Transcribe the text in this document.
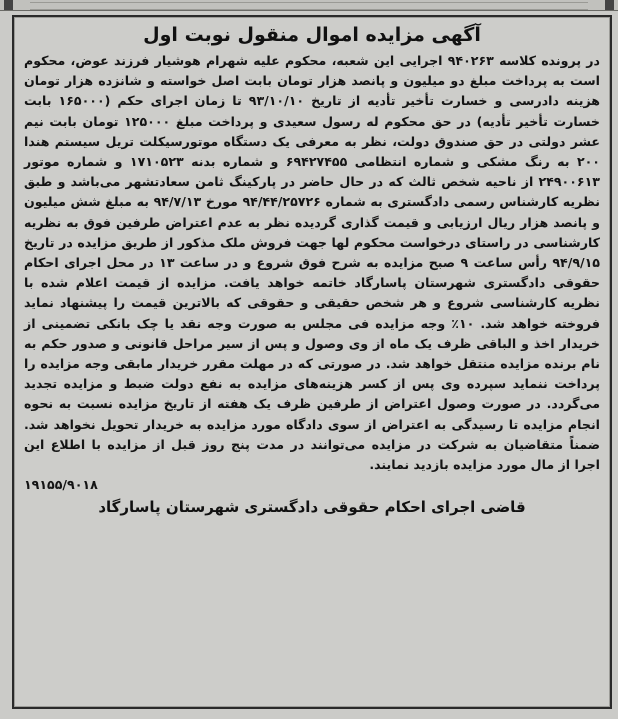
آگهی مزایده اموال منقول نوبت اول

در پرونده کلاسه ۹۴۰۲۶۳ اجرایی این شعبه، محکوم علیه شهرام هوشیار فرزند عوض، محکوم است به پرداخت مبلغ دو میلیون و پانصد هزار تومان بابت اصل خواسته و شانزده هزار تومان هزینه دادرسی و خسارت تأخیر تأدیه از تاریخ ۹۳/۱۰/۱۰ تا زمان اجرای حکم (۱۶۵۰۰۰ بابت خسارت تأخیر تأدیه) در حق محکوم له رسول سعیدی و پرداخت مبلغ ۱۲۵۰۰۰ تومان بابت نیم عشر دولتی در حق صندوق دولت، نظر به معرفی یک دستگاه موتورسیکلت تریل سیستم هندا ۲۰۰ به رنگ مشکی و شماره انتظامی ۶۹۴۲۷۴۵۵ و شماره بدنه ۱۷۱۰۵۲۳ و شماره موتور ۲۴۹۰۰۶۱۳ از ناحیه شخص ثالث که در حال حاضر در پارکینگ ثامن سعادتشهر می‌باشد و طبق نظریه کارشناس رسمی دادگستری به شماره ۹۴/۴۴/۲۵۷۲۶ مورخ ۹۴/۷/۱۳ به مبلغ شش میلیون و پانصد هزار ریال ارزیابی و قیمت گذاری گردیده نظر به عدم اعتراض طرفین فوق به نظریه کارشناسی در راستای درخواست محکوم لها جهت فروش ملک مذکور از طریق مزایده در تاریخ ۹۴/۹/۱۵ رأس ساعت ۹ صبح مزایده به شرح فوق شروع و در ساعت ۱۳ در محل اجرای احکام حقوقی دادگستری شهرستان پاسارگاد خاتمه خواهد یافت. مزایده از قیمت اعلام شده با نظریه کارشناسی شروع و هر شخص حقیقی و حقوقی که بالاترین قیمت را پیشنهاد نماید فروخته خواهد شد. ۱۰٪ وجه مزایده فی مجلس به صورت وجه نقد یا چک بانکی تضمینی از خریدار اخذ و الباقی ظرف یک ماه از وی وصول و پس از سیر مراحل قانونی و صدور حکم به نام برنده مزایده منتقل خواهد شد. در صورتی که در مهلت مقرر خریدار مابقی وجه مزایده را پرداخت ننماید سپرده وی پس از کسر هزینه‌های مزایده به نفع دولت ضبط و مزایده تجدید می‌گردد. در صورت وصول اعتراض از طرفین ظرف یک هفته از تاریخ مزایده نسبت به نحوه انجام مزایده تا رسیدگی به اعتراض از سوی دادگاه مورد مزایده به خریدار تحویل نخواهد شد. ضمناً متقاضیان به شرکت در مزایده می‌توانند در مدت پنج روز قبل از مزایده با اطلاع این
اجرا از مال مورد مزایده بازدید نمایند.

۱۹۱۵۵/۹۰۱۸

قاضی اجرای احکام حقوقی دادگستری شهرستان پاسارگاد
